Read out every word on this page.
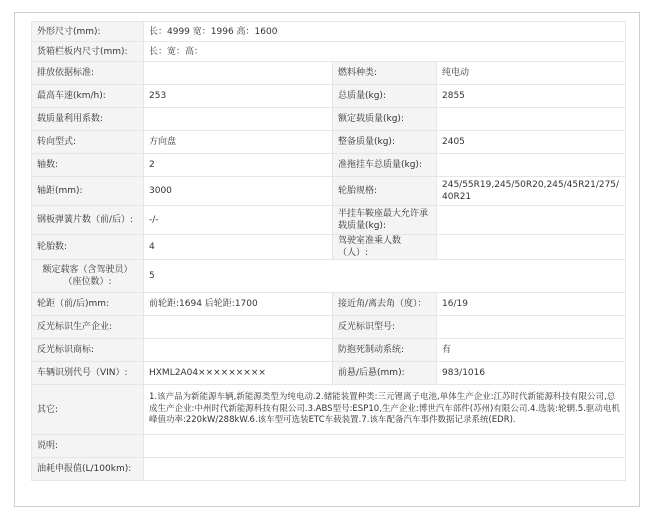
外形尺寸(mm):	长：4999 宽：1996 高：1600		
货箱栏板内尺寸(mm):	长：宽：高：		
排放依据标准:		燃料种类:	纯电动
最高车速(km/h):	253	总质量(kg):	2855
载质量利用系数:		额定载质量(kg):	
转向型式:	方向盘	整备质量(kg):	2405
轴数:	2	准拖挂车总质量(kg):	
轴距(mm):	3000	轮胎规格:	245/55R19,245/50R20,245/45R21/275/40R21
钢板弹簧片数（前/后）:	-/-	半挂车鞍座最大允许承载质量(kg):	
轮胎数:	4	驾驶室准乘人数（人）:	
额定载客（含驾驶员）（座位数）:	5		
轮距（前/后)mm:	前轮距:1694 后轮距:1700	接近角/离去角（度）：	16/19
反光标识生产企业:		反光标识型号:	
反光标识商标:		防抱死制动系统:	有
车辆识别代号（VIN）:	HXML2A04×××××××××	前悬/后悬(mm):	983/1016
其它:	1.该产品为新能源车辆,新能源类型为纯电动.2.储能装置种类:三元锂离子电池,单体生产企业:江苏时代新能源科技有限公司,总成生产企业:中州时代新能源科技有限公司.3.ABS型号:ESP10,生产企业:博世汽车部件(苏州)有限公司.4.选装:轮辋.5.驱动电机峰值功率:220kW/288kW.6.该车型可选装ETC车载装置.7.该车配备汽车事件数据记录系统(EDR).		
说明:			
油耗申报值(L/100km):			
